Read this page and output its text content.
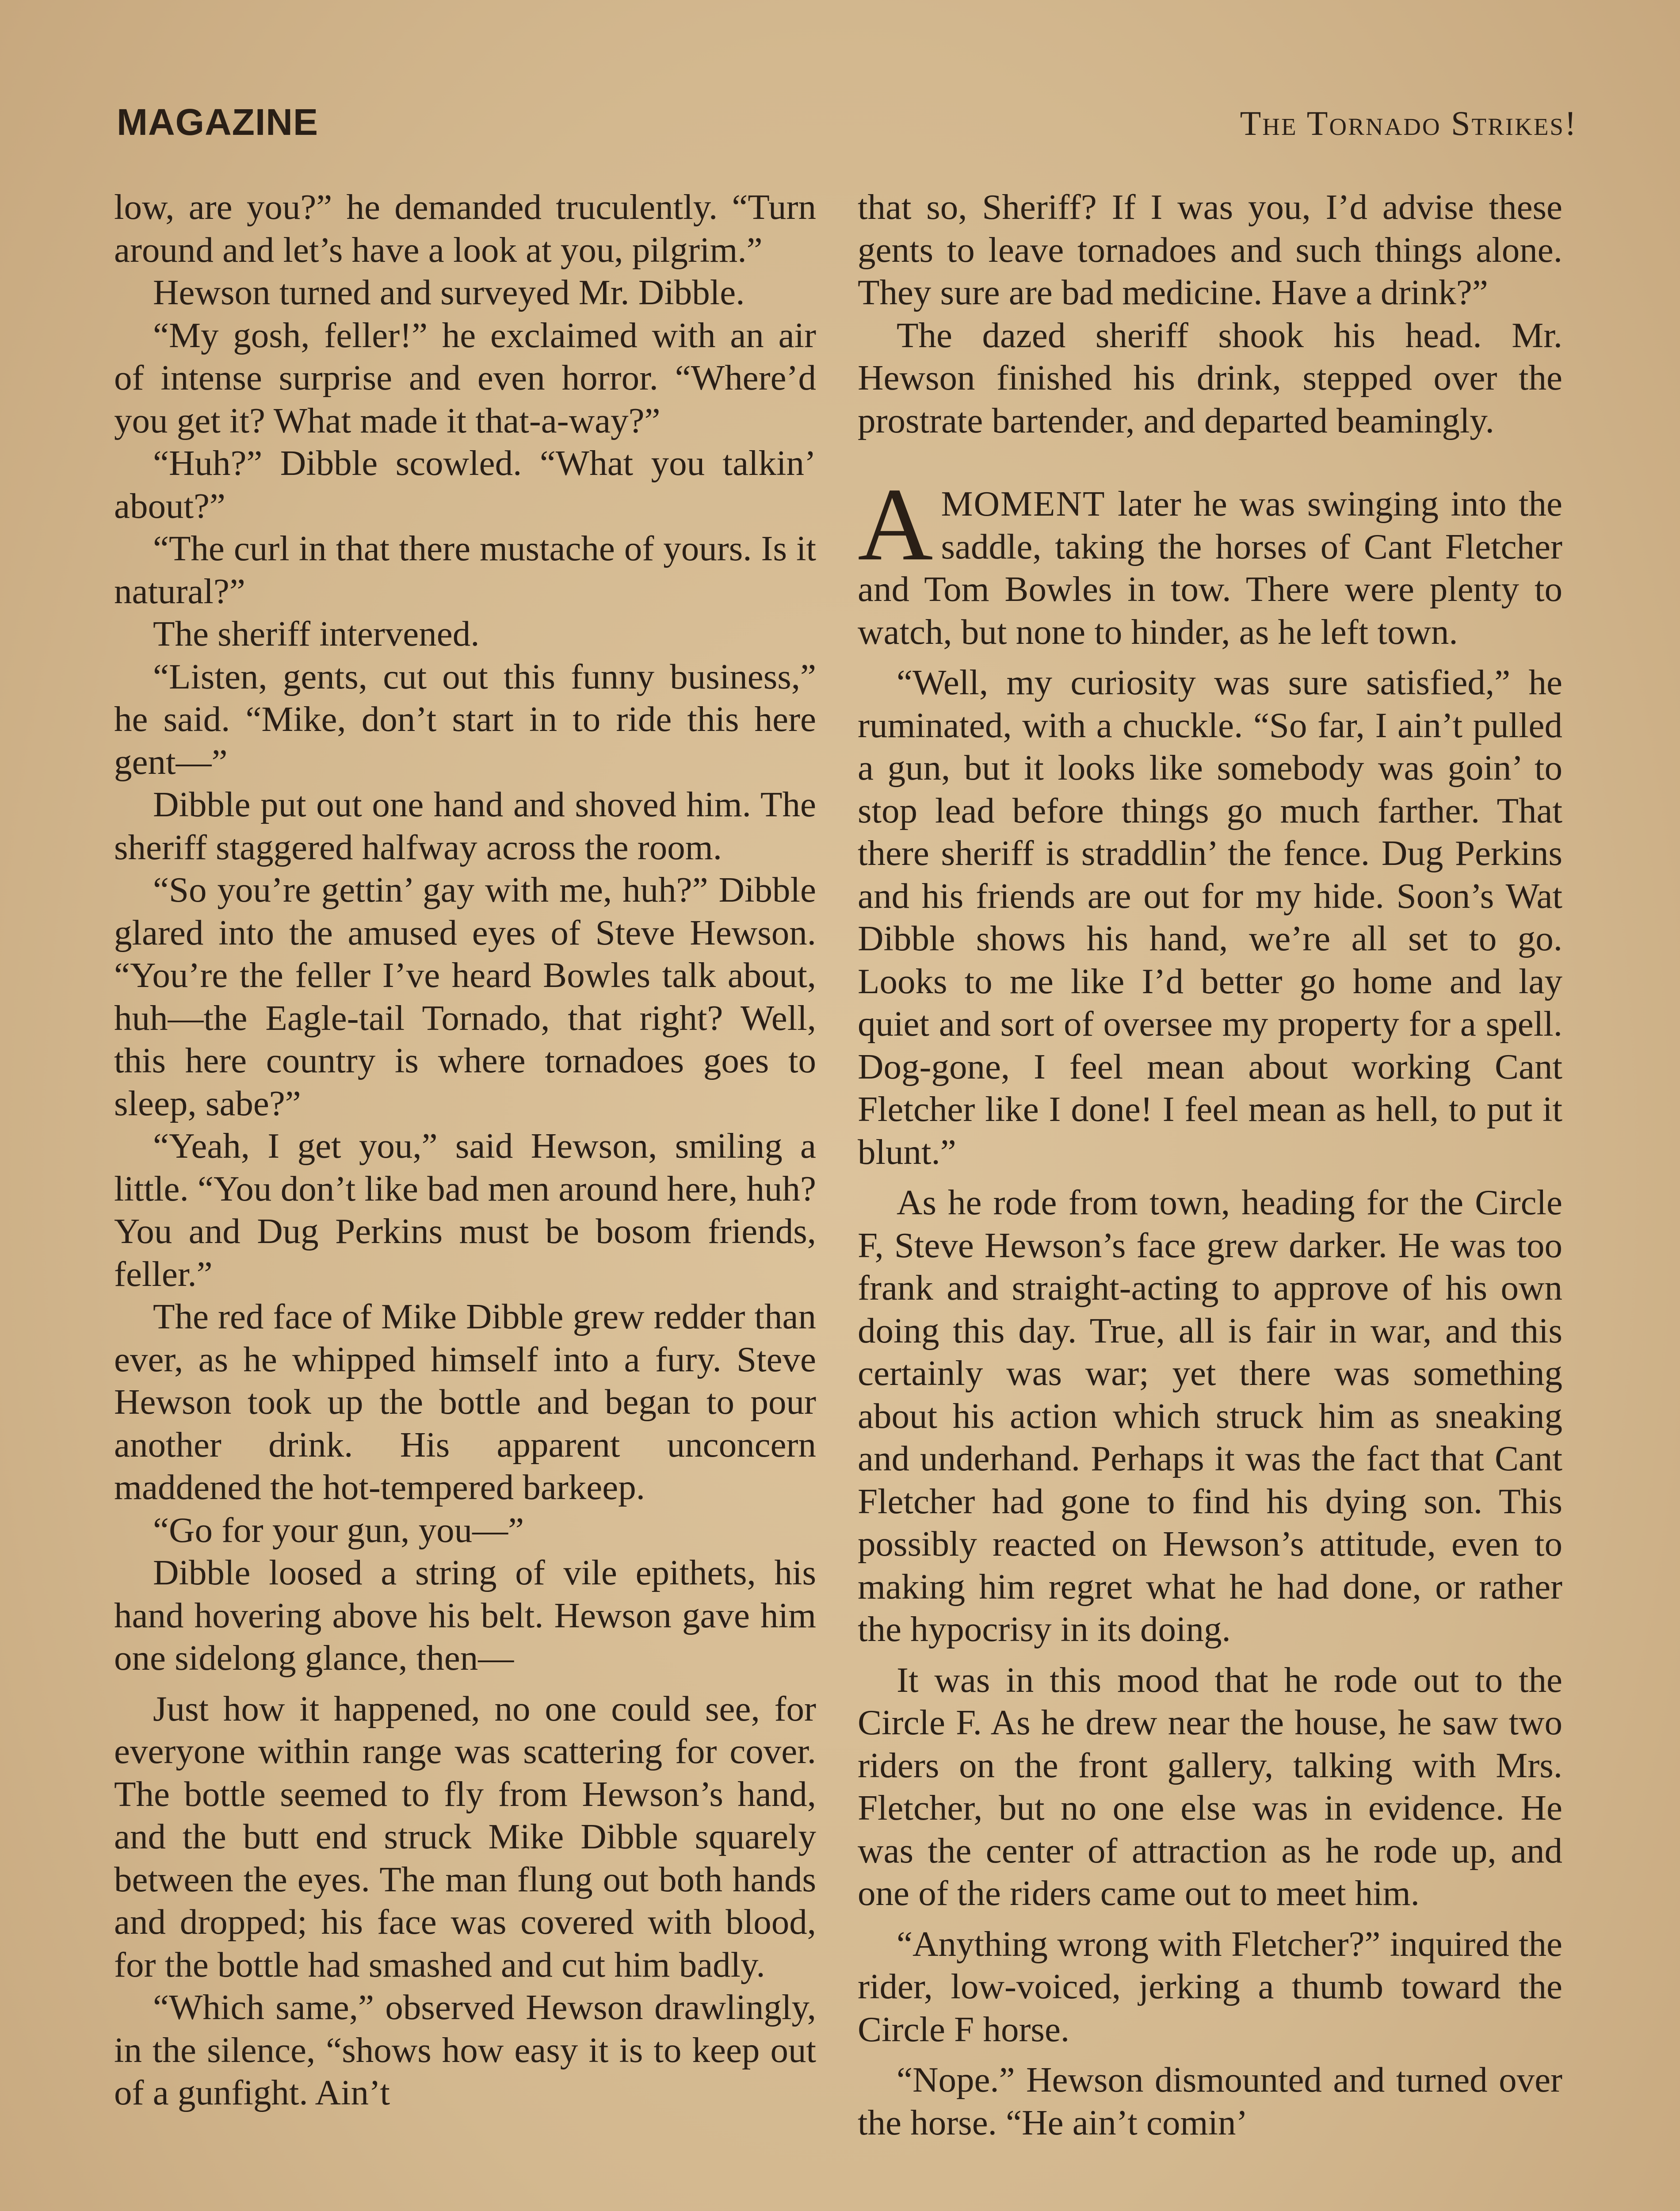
MAGAZINE	The Tornado Strikes!

low, are you?” he demanded truculently. “Turn around and let’s have a look at you, pilgrim.”

Hewson turned and surveyed Mr. Dibble.

“My gosh, feller!” he exclaimed with an air of intense surprise and even horror. “Where’d you get it? What made it that-a-way?”

“Huh?” Dibble scowled. “What you talkin’ about?”

“The curl in that there mustache of yours. Is it natural?”

The sheriff intervened.

“Listen, gents, cut out this funny business,” he said. “Mike, don’t start in to ride this here gent—”

Dibble put out one hand and shoved him. The sheriff staggered halfway across the room.

“So you’re gettin’ gay with me, huh?” Dibble glared into the amused eyes of Steve Hewson. “You’re the feller I’ve heard Bowles talk about, huh—the Eagle-tail Tornado, that right? Well, this here country is where tornadoes goes to sleep, sabe?”

“Yeah, I get you,” said Hewson, smiling a little. “You don’t like bad men around here, huh? You and Dug Perkins must be bosom friends, feller.”

The red face of Mike Dibble grew redder than ever, as he whipped himself into a fury. Steve Hewson took up the bottle and began to pour another drink. His apparent unconcern maddened the hot-tempered barkeep.

“Go for your gun, you—”

Dibble loosed a string of vile epithets, his hand hovering above his belt. Hewson gave him one sidelong glance, then—

Just how it happened, no one could see, for everyone within range was scattering for cover. The bottle seemed to fly from Hewson’s hand, and the butt end struck Mike Dibble squarely between the eyes. The man flung out both hands and dropped; his face was covered with blood, for the bottle had smashed and cut him badly.

“Which same,” observed Hewson drawlingly, in the silence, “shows how easy it is to keep out of a gunfight. Ain’t

that so, Sheriff? If I was you, I’d advise these gents to leave tornadoes and such things alone. They sure are bad medicine. Have a drink?”

The dazed sheriff shook his head. Mr. Hewson finished his drink, stepped over the prostrate bartender, and departed beamingly.

AMOMENT later he was swinging into the saddle, taking the horses of Cant Fletcher and Tom Bowles in tow. There were plenty to watch, but none to hinder, as he left town.

“Well, my curiosity was sure satisfied,” he ruminated, with a chuckle. “So far, I ain’t pulled a gun, but it looks like somebody was goin’ to stop lead before things go much farther. That there sheriff is straddlin’ the fence. Dug Perkins and his friends are out for my hide. Soon’s Wat Dibble shows his hand, we’re all set to go. Looks to me like I’d better go home and lay quiet and sort of oversee my property for a spell. Dog-gone, I feel mean about working Cant Fletcher like I done! I feel mean as hell, to put it blunt.”

As he rode from town, heading for the Circle F, Steve Hewson’s face grew darker. He was too frank and straight-acting to approve of his own doing this day. True, all is fair in war, and this certainly was war; yet there was something about his action which struck him as sneaking and underhand. Perhaps it was the fact that Cant Fletcher had gone to find his dying son. This possibly reacted on Hewson’s attitude, even to making him regret what he had done, or rather the hypocrisy in its doing.

It was in this mood that he rode out to the Circle F. As he drew near the house, he saw two riders on the front gallery, talking with Mrs. Fletcher, but no one else was in evidence. He was the center of attraction as he rode up, and one of the riders came out to meet him.

“Anything wrong with Fletcher?” inquired the rider, low-voiced, jerking a thumb toward the Circle F horse.

“Nope.” Hewson dismounted and turned over the horse. “He ain’t comin’
